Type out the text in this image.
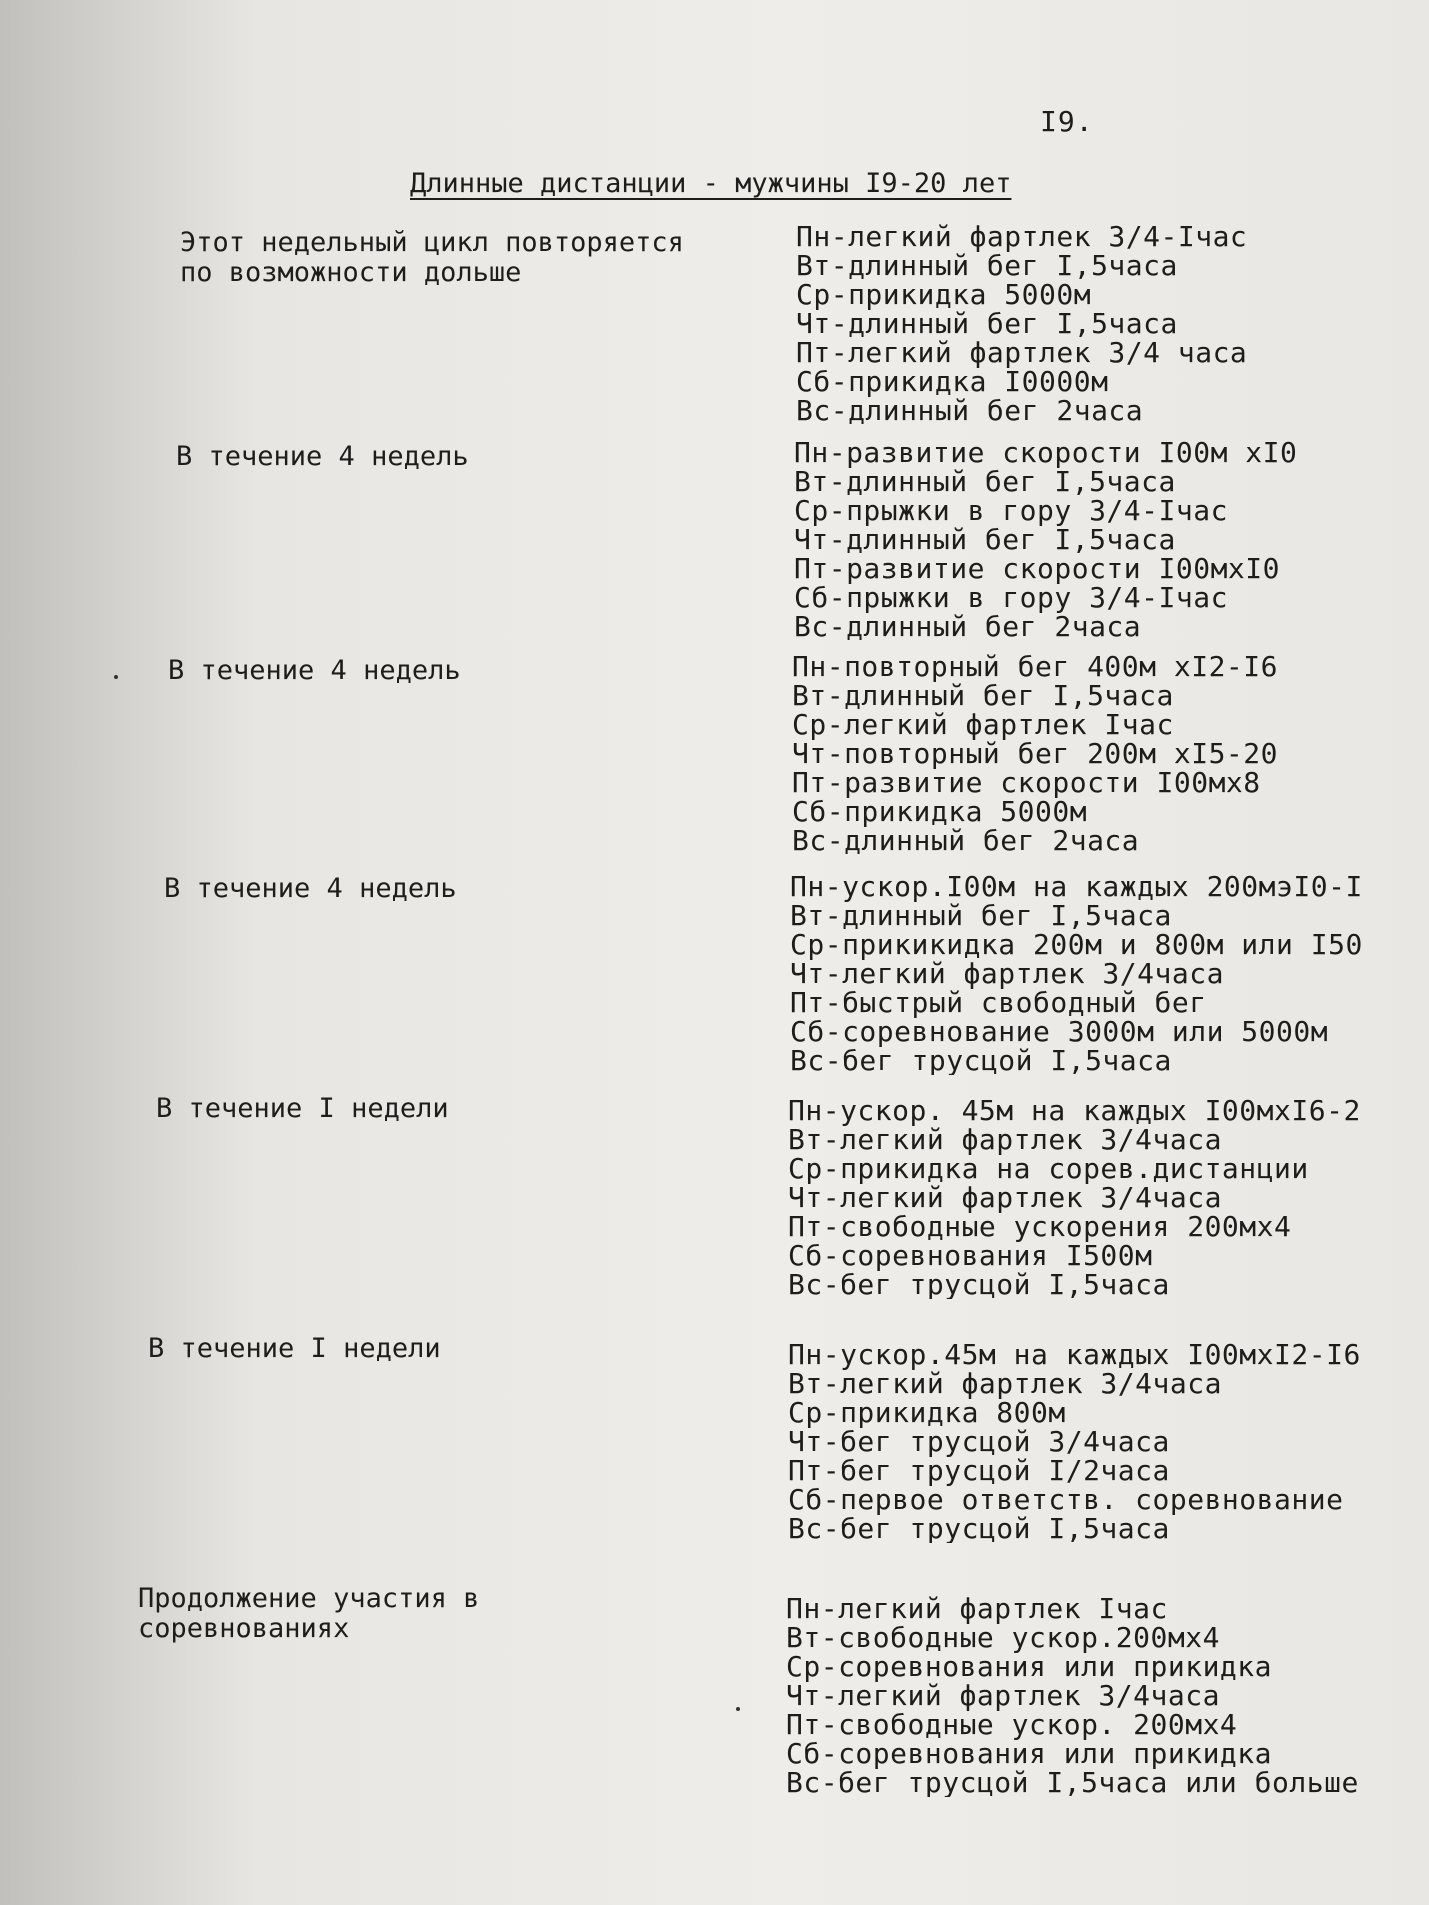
I9.
Длинные дистанции - мужчины I9-20 лет
Этот недельный цикл повторяется
по возможности дольше
Пн-легкий фартлек 3/4-Iчас
Вт-длинный бег I,5часа
Ср-прикидка 5000м
Чт-длинный бег I,5часа
Пт-легкий фартлек 3/4 часа
Сб-прикидка I0000м
Вс-длинный бег 2часа
В течение 4 недель	Пн-развитие скорости I00м xI0
Вт-длинный бег I,5часа
Ср-прыжки в гору 3/4-Iчас
Чт-длинный бег I,5часа
Пт-развитие скорости I00мxI0
Сб-прыжки в гору 3/4-Iчас
Вс-длинный бег 2часа
В течение 4 недель	Пн-повторный бег 400м xI2-I6
Вт-длинный бег I,5часа
Ср-легкий фартлек Iчас
Чт-повторный бег 200м xI5-20
Пт-развитие скорости I00мx8
Сб-прикидка 5000м
Вс-длинный бег 2часа
В течение 4 недель	Пн-ускор.I00м на каждых 200мэI0-I
Вт-длинный бег I,5часа
Ср-прикикидка 200м и 800м или I50
Чт-легкий фартлек 3/4часа
Пт-быстрый свободный бег
Сб-соревнование 3000м или 5000м
Вс-бег трусцой I,5часа
В течение I недели	Пн-ускор. 45м на каждых I00мxI6-2
Вт-легкий фартлек 3/4часа
Ср-прикидка на сорев.дистанции
Чт-легкий фартлек 3/4часа
Пт-свободные ускорения 200мx4
Сб-соревнования I500м
Вс-бег трусцой I,5часа
В течение I недели	Пн-ускор.45м на каждых I00мxI2-I6
Вт-легкий фартлек 3/4часа
Ср-прикидка 800м
Чт-бег трусцой 3/4часа
Пт-бег трусцой I/2часа
Сб-первое ответств. соревнование
Вс-бег трусцой I,5часа
Продолжение участия в
соревнованиях
Пн-легкий фартлек Iчас
Вт-свободные ускор.200мx4
Ср-соревнования или прикидка
Чт-легкий фартлек 3/4часа
Пт-свободные ускор. 200мx4
Сб-соревнования или прикидка
Вс-бег трусцой I,5часа или больше
